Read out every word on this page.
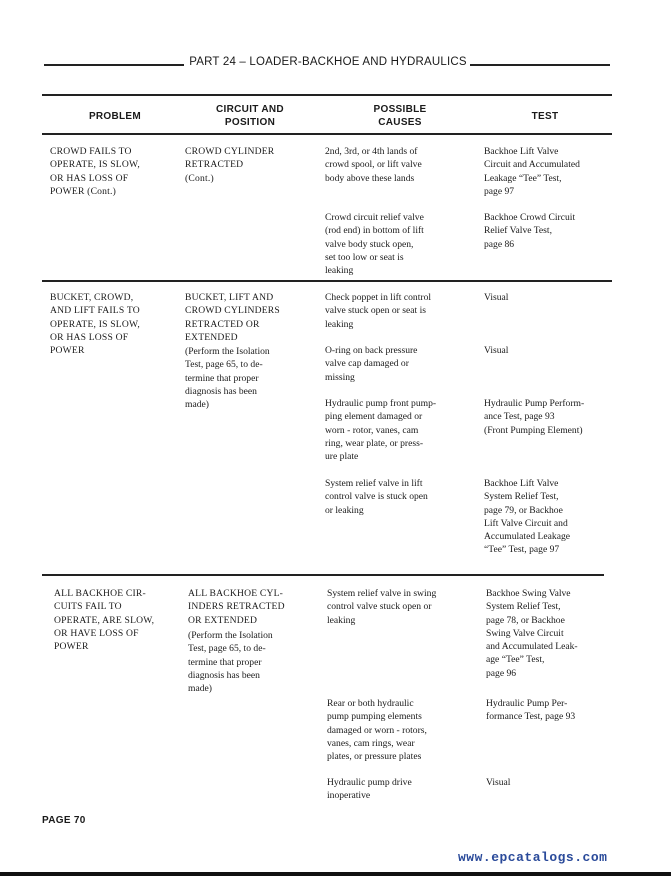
PART 24 – LOADER-BACKHOE AND HYDRAULICS
PROBLEM
CIRCUIT AND
POSITION
POSSIBLE
CAUSES
TEST
CROWD FAILS TO
OPERATE, IS SLOW,
OR HAS LOSS OF
POWER (Cont.)
CROWD CYLINDER
RETRACTED
(Cont.)
2nd, 3rd, or 4th lands of
crowd spool, or lift valve
body above these lands
Backhoe Lift Valve
Circuit and Accumulated
Leakage “Tee” Test,
page 97
Crowd circuit relief valve
(rod end) in bottom of lift
valve body stuck open,
set too low or seat is
leaking
Backhoe Crowd Circuit
Relief Valve Test,
page 86
BUCKET, CROWD,
AND LIFT FAILS TO
OPERATE, IS SLOW,
OR HAS LOSS OF
POWER
BUCKET, LIFT AND
CROWD CYLINDERS
RETRACTED OR
EXTENDED
(Perform the Isolation
Test, page 65, to de-
termine that proper
diagnosis has been
made)
Check poppet in lift control
valve stuck open or seat is
leaking
Visual
O-ring on back pressure
valve cap damaged or
missing
Visual
Hydraulic pump front pump-
ping element damaged or
worn - rotor, vanes, cam
ring, wear plate, or press-
ure plate
Hydraulic Pump Perform-
ance Test, page 93
(Front Pumping Element)
System relief valve in lift
control valve is stuck open
or leaking
Backhoe Lift Valve
System Relief Test,
page 79, or Backhoe
Lift Valve Circuit and
Accumulated Leakage
“Tee” Test, page 97
ALL BACKHOE CIR-
CUITS FAIL TO
OPERATE, ARE SLOW,
OR HAVE LOSS OF
POWER
ALL BACKHOE CYL-
INDERS RETRACTED
OR EXTENDED
(Perform the Isolation
Test, page 65, to de-
termine that proper
diagnosis has been
made)
System relief valve in swing
control valve stuck open or
leaking
Backhoe Swing Valve
System Relief Test,
page 78, or Backhoe
Swing Valve Circuit
and Accumulated Leak-
age “Tee” Test,
page 96
Rear or both hydraulic
pump pumping elements
damaged or worn - rotors,
vanes, cam rings, wear
plates, or pressure plates
Hydraulic Pump Per-
formance Test, page 93
Hydraulic pump drive
inoperative
Visual
PAGE 70
www.epcatalogs.com
